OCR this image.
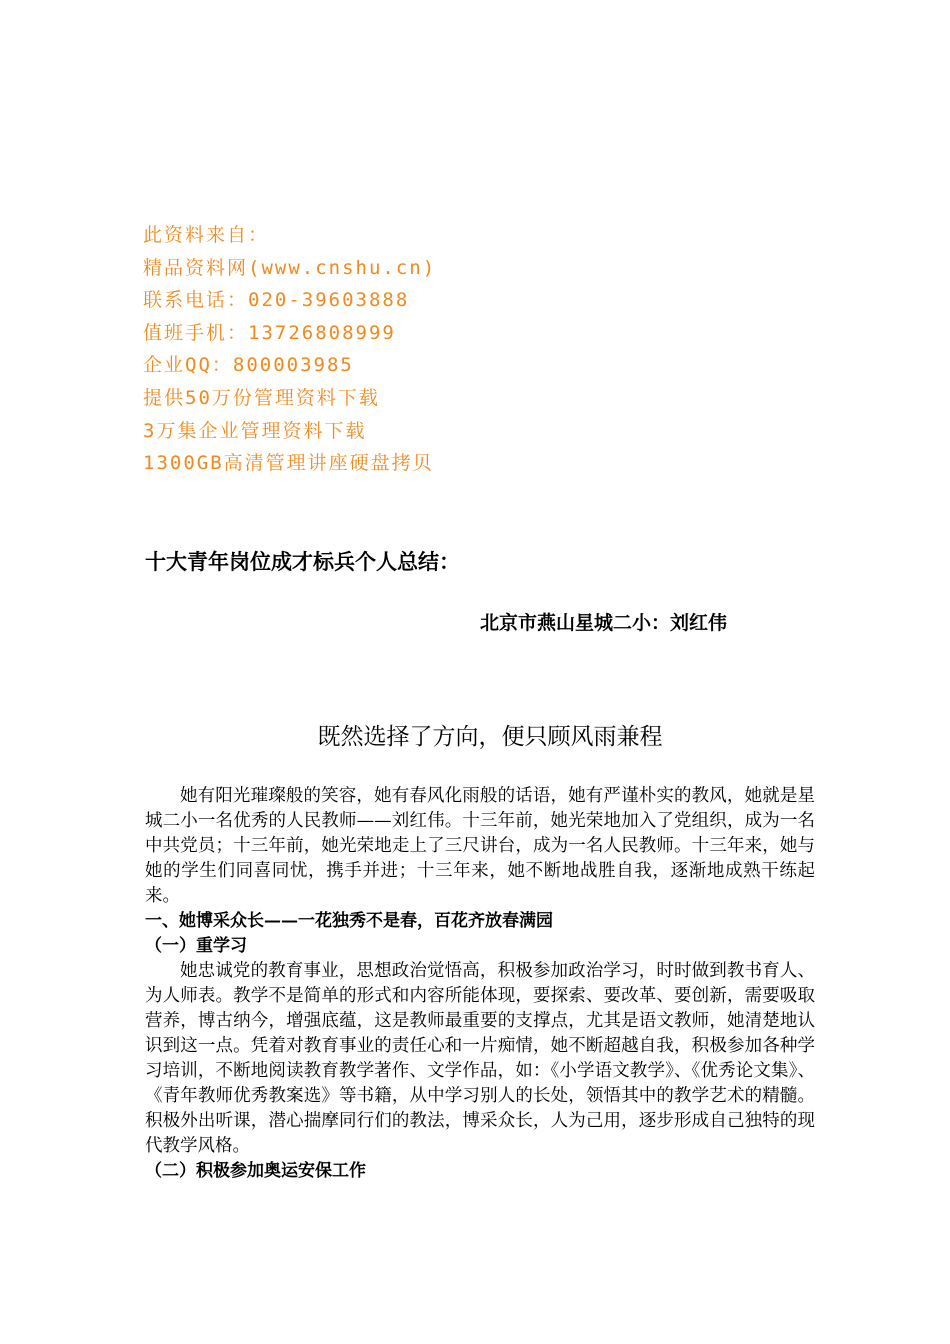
此资料来自：
精品资料网(www.cnshu.cn)
联系电话：020-39603888
值班手机：13726808999
企业QQ：800003985
提供50万份管理资料下载
3万集企业管理资料下载
1300GB高清管理讲座硬盘拷贝
十大青年岗位成才标兵个人总结：
北京市燕山星城二小：刘红伟
既然选择了方向，便只顾风雨兼程

她有阳光璀璨般的笑容，她有春风化雨般的话语，她有严谨朴实的教风，她就是星城二小一名优秀的人民教师——刘红伟。十三年前，她光荣地加入了党组织，成为一名中共党员；十三年前，她光荣地走上了三尺讲台，成为一名人民教师。十三年来，她与她的学生们同喜同忧，携手并进；十三年来，她不断地战胜自我，逐渐地成熟干练起来。

一、她博采众长——一花独秀不是春，百花齐放春满园

（一）重学习

她忠诚党的教育事业，思想政治觉悟高，积极参加政治学习，时时做到教书育人、为人师表。教学不是简单的形式和内容所能体现，要探索、要改革、要创新，需要吸取营养，博古纳今，增强底蕴，这是教师最重要的支撑点，尤其是语文教师，她清楚地认识到这一点。凭着对教育事业的责任心和一片痴情，她不断超越自我，积极参加各种学习培训，不断地阅读教育教学著作、文学作品，如：《小学语文教学》、《优秀论文集》、《青年教师优秀教案选》等书籍，从中学习别人的长处，领悟其中的教学艺术的精髓。积极外出听课，潜心揣摩同行们的教法，博采众长，人为己用，逐步形成自己独特的现代教学风格。

（二）积极参加奥运安保工作
